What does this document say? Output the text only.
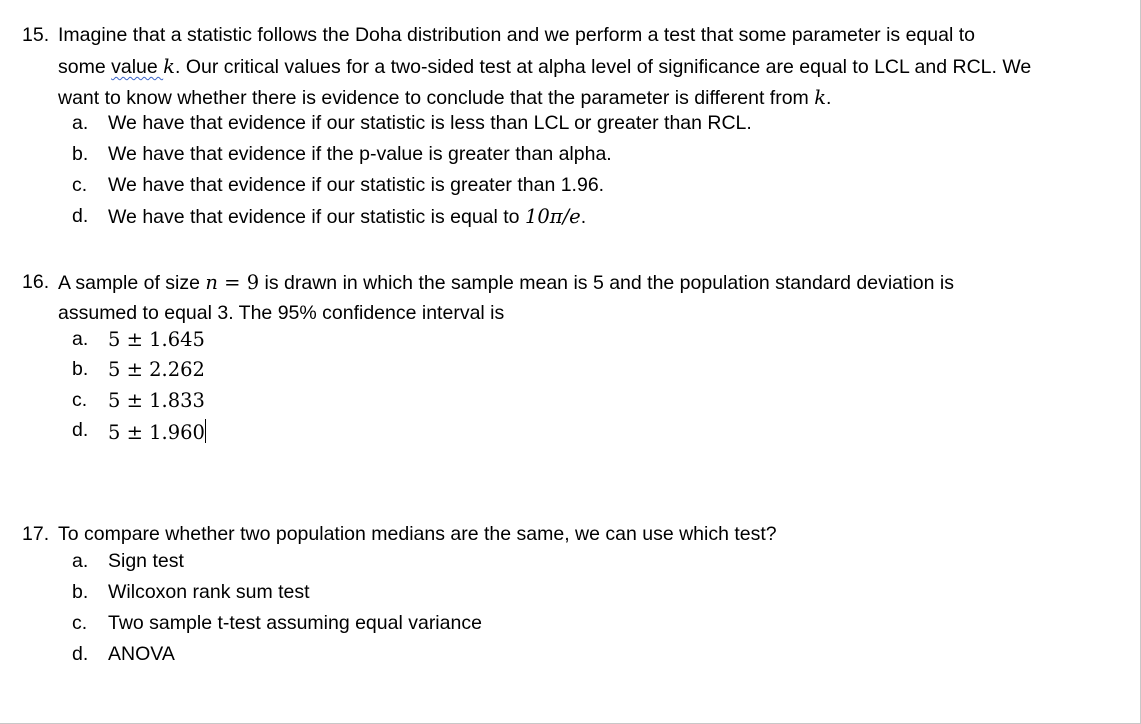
15. Imagine that a statistic follows the Doha distribution and we perform a test that some parameter is equal to
some value k. Our critical values for a two-sided test at alpha level of significance are equal to LCL and RCL. We
want to know whether there is evidence to conclude that the parameter is different from k.
a. We have that evidence if our statistic is less than LCL or greater than RCL.
b. We have that evidence if the p-value is greater than alpha.
c. We have that evidence if our statistic is greater than 1.96.
d. We have that evidence if our statistic is equal to 10π/e.
16. A sample of size n = 9 is drawn in which the sample mean is 5 and the population standard deviation is
assumed to equal 3. The 95% confidence interval is
a. 5 ± 1.645
b. 5 ± 2.262
c. 5 ± 1.833
d. 5 ± 1.960
17. To compare whether two population medians are the same, we can use which test?
a. Sign test
b. Wilcoxon rank sum test
c. Two sample t-test assuming equal variance
d. ANOVA
